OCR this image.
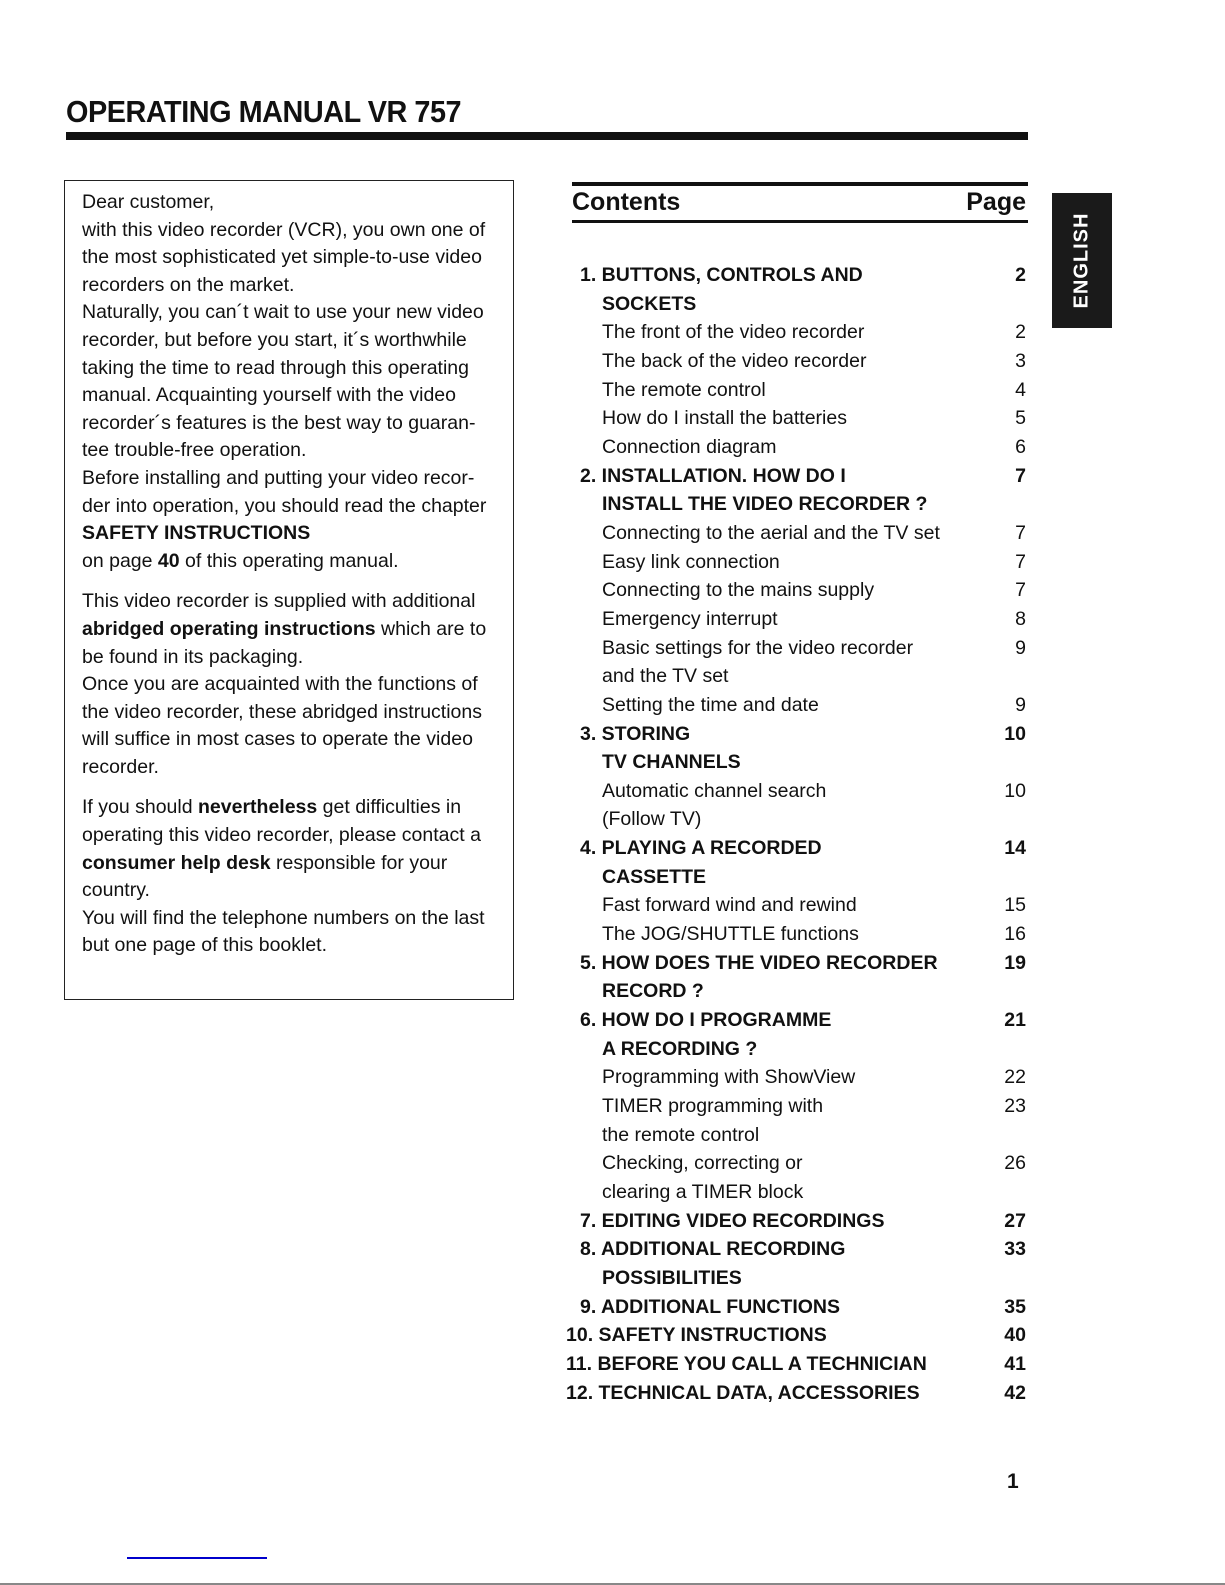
OPERATING MANUAL VR 757

Dear customer,

with this video recorder (VCR), you own one of the most sophisticated yet simple-to-use video recorders on the market.

Naturally, you can´t wait to use your new video recorder, but before you start, it´s worthwhile taking the time to read through this operating manual. Acquainting yourself with the video recorder´s features is the best way to guaran-tee trouble-free operation.

Before installing and putting your video recor-der into operation, you should read the chapter
SAFETY INSTRUCTIONS

on page 40 of this operating manual.

This video recorder is supplied with additional abridged operating instructions which are to be found in its packaging.

Once you are acquainted with the functions of the video recorder, these abridged instructions will suffice in most cases to operate the video recorder.

If you should nevertheless get difficulties in operating this video recorder, please contact a consumer help desk responsible for your country.

You will find the telephone numbers on the last but one page of this booklet.

Contents	Page
1. BUTTONS, CONTROLS AND	2
SOCKETS
The front of the video recorder	2
The back of the video recorder	3
The remote control	4
How do I install the batteries	5
Connection diagram	6
2. INSTALLATION. HOW DO I	7
INSTALL THE VIDEO RECORDER ?
Connecting to the aerial and the TV set	7
Easy link connection	7
Connecting to the mains supply	7
Emergency interrupt	8
Basic settings for the video recorder	9
and the TV set
Setting the time and date	9
3. STORING	10
TV CHANNELS
Automatic channel search	10
(Follow TV)
4. PLAYING A RECORDED	14
CASSETTE
Fast forward wind and rewind	15
The JOG/SHUTTLE functions	16
5. HOW DOES THE VIDEO RECORDER	19
RECORD ?
6. HOW DO I PROGRAMME	21
A RECORDING ?
Programming with ShowView	22
TIMER programming with	23
the remote control
Checking, correcting or	26
clearing a TIMER block
7. EDITING VIDEO RECORDINGS	27
8. ADDITIONAL RECORDING	33
POSSIBILITIES
9. ADDITIONAL FUNCTIONS	35
10. SAFETY INSTRUCTIONS	40
11. BEFORE YOU CALL A TECHNICIAN	41
12. TECHNICAL DATA, ACCESSORIES	42
ENGLISH
1
